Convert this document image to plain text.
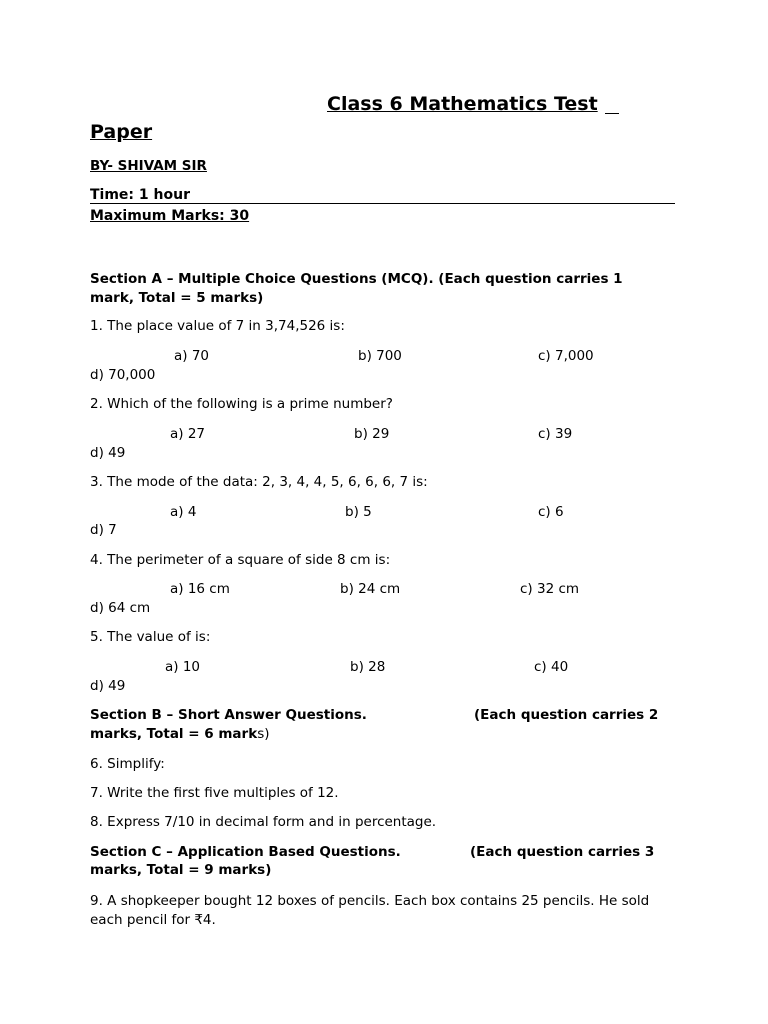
Class 6 Mathematics Test
Paper
BY- SHIVAM SIR
Time: 1 hour
Maximum Marks: 30
Section A – Multiple Choice Questions (MCQ). (Each question carries 1 mark, Total = 5 marks)
1. The place value of 7 in 3,74,526 is:
a) 70	b) 700	c) 7,000
d) 70,000
2. Which of the following is a prime number?
a) 27	b) 29	c) 39
d) 49
3. The mode of the data: 2, 3, 4, 4, 5, 6, 6, 6, 7 is:
a) 4	b) 5	c) 6
d) 7
4. The perimeter of a square of side 8 cm is:
a) 16 cm	b) 24 cm	c) 32 cm
d) 64 cm
5. The value of is:
a) 10	b) 28	c) 40
d) 49
Section B – Short Answer Questions.	(Each question carries 2
marks, Total = 6 marks)
6. Simplify:
7. Write the first five multiples of 12.
8. Express 7/10 in decimal form and in percentage.
Section C – Application Based Questions.	(Each question carries 3
marks, Total = 9 marks)
9. A shopkeeper bought 12 boxes of pencils. Each box contains 25 pencils. He sold each pencil for ₹4.
